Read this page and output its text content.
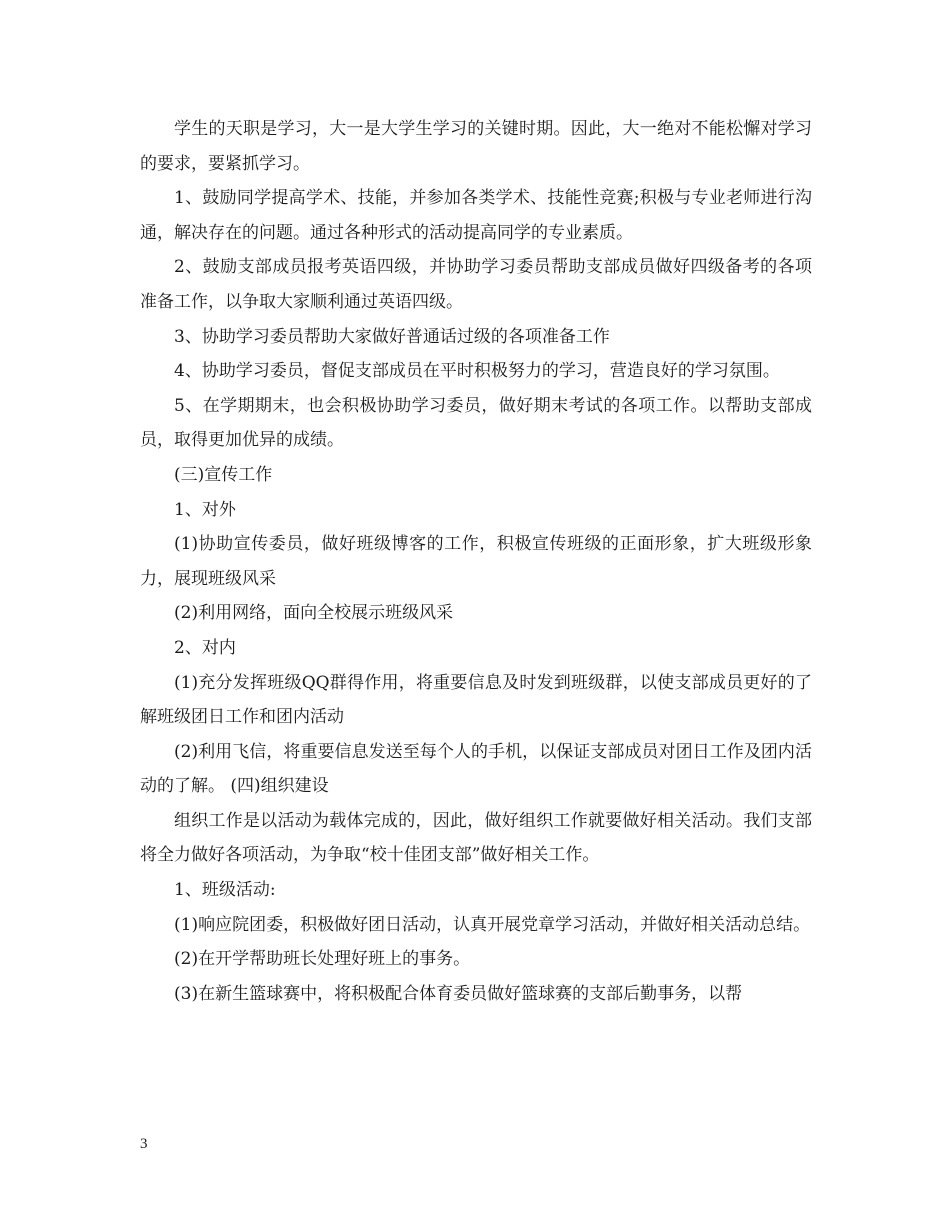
学生的天职是学习，大一是大学生学习的关键时期。因此，大一绝对不能松懈对学习的要求，要紧抓学习。

1、鼓励同学提高学术、技能，并参加各类学术、技能性竞赛;积极与专业老师进行沟通，解决存在的问题。通过各种形式的活动提高同学的专业素质。

2、鼓励支部成员报考英语四级，并协助学习委员帮助支部成员做好四级备考的各项准备工作，以争取大家顺利通过英语四级。

3、协助学习委员帮助大家做好普通话过级的各项准备工作

4、协助学习委员，督促支部成员在平时积极努力的学习，营造良好的学习氛围。

5、在学期期末，也会积极协助学习委员，做好期末考试的各项工作。以帮助支部成员，取得更加优异的成绩。

(三)宣传工作

1、对外

(1)协助宣传委员，做好班级博客的工作，积极宣传班级的正面形象，扩大班级形象力，展现班级风采

(2)利用网络，面向全校展示班级风采

2、对内

(1)充分发挥班级QQ群得作用，将重要信息及时发到班级群，以使支部成员更好的了解班级团日工作和团内活动

(2)利用飞信，将重要信息发送至每个人的手机，以保证支部成员对团日工作及团内活动的了解。 (四)组织建设

组织工作是以活动为载体完成的，因此，做好组织工作就要做好相关活动。我们支部将全力做好各项活动，为争取“校十佳团支部”做好相关工作。

1、班级活动:

(1)响应院团委，积极做好团日活动，认真开展党章学习活动，并做好相关活动总结。

(2)在开学帮助班长处理好班上的事务。

(3)在新生篮球赛中，将积极配合体育委员做好篮球赛的支部后勤事务，以帮

3
